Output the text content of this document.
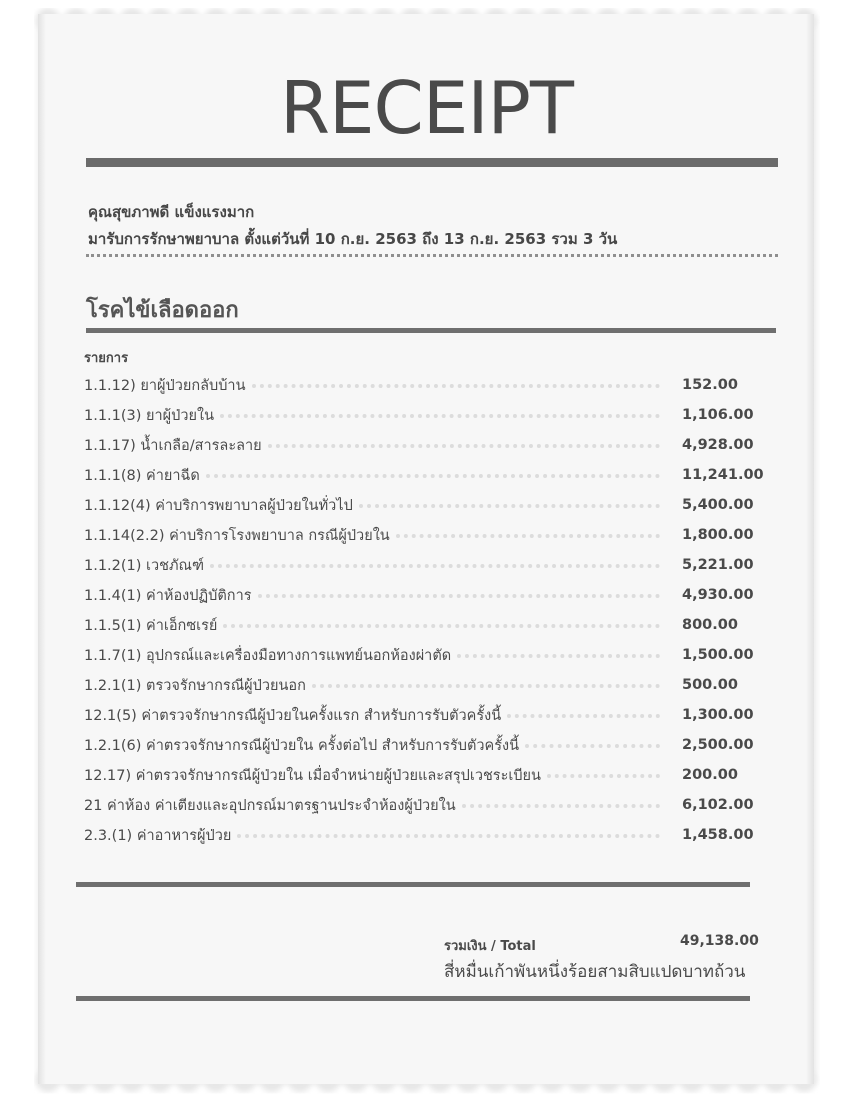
RECEIPT
คุณสุขภาพดี แข็งแรงมาก
มารับการรักษาพยาบาล ตั้งแต่วันที่ 10 ก.ย. 2563 ถึง 13 ก.ย. 2563 รวม 3 วัน
โรคไข้เลือดออก
รายการ
1.1.12) ยาผู้ป่วยกลับบ้าน	152.00
1.1.1(3) ยาผู้ป่วยใน	1,106.00
1.1.17) น้ำเกลือ/สารละลาย	4,928.00
1.1.1(8) ค่ายาฉีด	11,241.00
1.1.12(4) ค่าบริการพยาบาลผู้ป่วยในทั่วไป	5,400.00
1.1.14(2.2) ค่าบริการโรงพยาบาล กรณีผู้ป่วยใน	1,800.00
1.1.2(1) เวชภัณฑ์	5,221.00
1.1.4(1) ค่าห้องปฏิบัติการ	4,930.00
1.1.5(1) ค่าเอ็กซเรย์	800.00
1.1.7(1) อุปกรณ์และเครื่องมือทางการแพทย์นอกห้องผ่าตัด	1,500.00
1.2.1(1) ตรวจรักษากรณีผู้ป่วยนอก	500.00
12.1(5) ค่าตรวจรักษากรณีผู้ป่วยในครั้งแรก สำหรับการรับตัวครั้งนี้	1,300.00
1.2.1(6) ค่าตรวจรักษากรณีผู้ป่วยใน ครั้งต่อไป สำหรับการรับตัวครั้งนี้	2,500.00
12.17) ค่าตรวจรักษากรณีผู้ป่วยใน เมื่อจำหน่ายผู้ป่วยและสรุปเวชระเบียน	200.00
21 ค่าห้อง ค่าเตียงและอุปกรณ์มาตรฐานประจำห้องผู้ป่วยใน	6,102.00
2.3.(1) ค่าอาหารผู้ป่วย	1,458.00
รวมเงิน / Total	49,138.00
สี่หมื่นเก้าพันหนึ่งร้อยสามสิบแปดบาทถ้วน
